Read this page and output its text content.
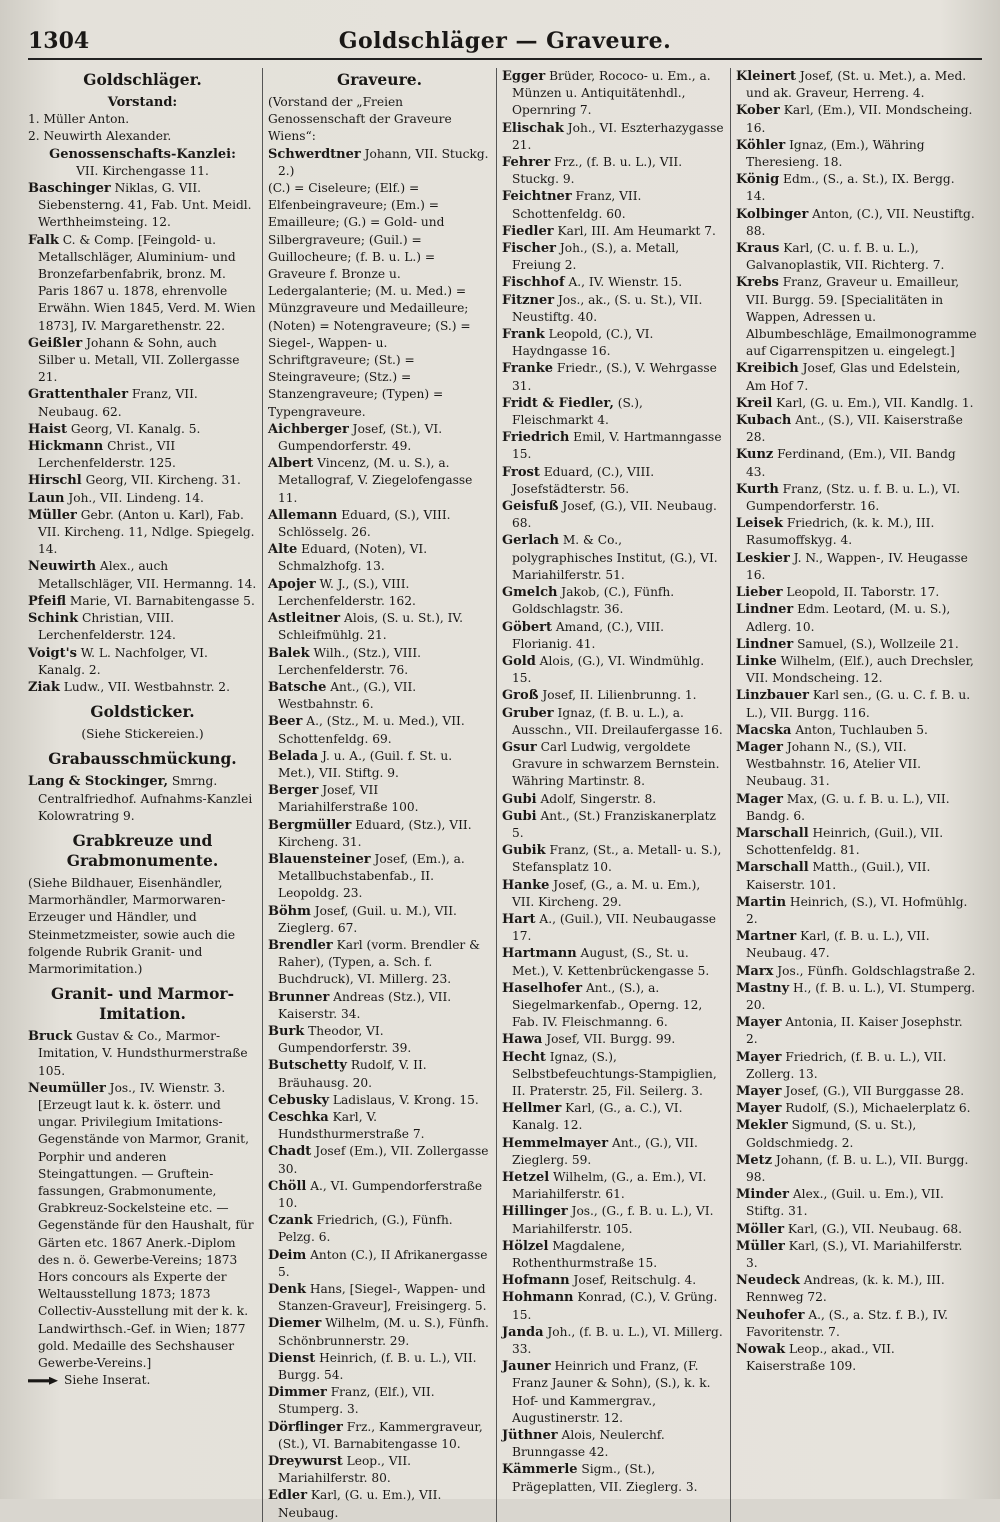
1304	Goldschläger — Graveure.
Goldschläger.

Vorstand:

1. Müller Anton.

2. Neuwirth Alexander.

Genossenschafts-Kanzlei:

VII. Kirchengasse 11.

Baschinger Niklas, G. VII. Siebensterng. 41, Fab. Unt. Meidl. Werthheimsteing. 12.

Falk C. & Comp. [Feingold- u. Metallschläger, Aluminium- und Bronzefarbenfabrik, bronz. M. Paris 1867 u. 1878, ehrenvolle Erwähn. Wien 1845, Verd. M. Wien 1873], IV. Margarethenstr. 22.

Geißler Johann & Sohn, auch Silber u. Metall, VII. Zollergasse 21.

Grattenthaler Franz, VII. Neubaug. 62.

Haist Georg, VI. Kanalg. 5.

Hickmann Christ., VII Lerchenfelderstr. 125.

Hirschl Georg, VII. Kircheng. 31.

Laun Joh., VII. Lindeng. 14.

Müller Gebr. (Anton u. Karl), Fab. VII. Kircheng. 11, Ndlge. Spiegelg. 14.

Neuwirth Alex., auch Metallschläger, VII. Hermanng. 14.

Pfeifl Marie, VI. Barnabitengasse 5.

Schink Christian, VIII. Lerchenfelderstr. 124.

Voigt's W. L. Nachfolger, VI. Kanalg. 2.

Ziak Ludw., VII. Westbahnstr. 2.

Goldsticker.

(Siehe Stickereien.)

Grabausschmückung.

Lang & Stockinger, Smrng. Centralfriedhof. Aufnahms-Kanzlei Kolowratring 9.

Grabkreuze und Grabmonumente.

(Siehe Bildhauer, Eisenhändler, Marmorhändler, Marmorwaren-Erzeuger und Händler, und Steinmetzmeister, sowie auch die folgende Rubrik Granit- und Marmorimitation.)

Granit- und Marmor-Imitation.

Bruck Gustav & Co., Marmor-Imitation, V. Hundsthurmerstraße 105.

Neumüller Jos., IV. Wienstr. 3. [Erzeugt laut k. k. österr. und ungar. Privilegium Imitations-Gegenstände von Marmor, Granit, Porphir und anderen Steingattungen. — Gruftein-fassungen, Grabmonumente, Grabkreuz-Sockelsteine etc. — Gegenstände für den Haushalt, für Gärten etc. 1867 Anerk.-Diplom des n. ö. Gewerbe-Vereins; 1873 Hors concours als Experte der Weltausstellung 1873; 1873 Collectiv-Ausstellung mit der k. k. Landwirthsch.-Gef. in Wien; 1877 gold. Medaille des Sechshauser Gewerbe-Vereins.]

Siehe Inserat.

Graveure.

(Vorstand der „Freien Genossenschaft der Graveure Wiens“:

Schwerdtner Johann, VII. Stuckg. 2.)

(C.) = Ciseleure; (Elf.) = Elfenbeingraveure; (Em.) = Emailleure; (G.) = Gold- und Silbergraveure; (Guil.) = Guillocheure; (f. B. u. L.) = Graveure f. Bronze u. Ledergalanterie; (M. u. Med.) = Münzgraveure und Medailleure; (Noten) = Notengraveure; (S.) = Siegel-, Wappen- u. Schriftgraveure; (St.) = Steingraveure; (Stz.) = Stanzengraveure; (Typen) = Typengraveure.

Aichberger Josef, (St.), VI. Gumpendorferstr. 49.

Albert Vincenz, (M. u. S.), a. Metallograf, V. Ziegelofengasse 11.

Allemann Eduard, (S.), VIII. Schlösselg. 26.

Alte Eduard, (Noten), VI. Schmalzhofg. 13.

Apojer W. J., (S.), VIII. Lerchenfelderstr. 162.

Astleitner Alois, (S. u. St.), IV. Schleifmühlg. 21.

Balek Wilh., (Stz.), VIII. Lerchenfelderstr. 76.

Batsche Ant., (G.), VII. Westbahnstr. 6.

Beer A., (Stz., M. u. Med.), VII. Schottenfeldg. 69.

Belada J. u. A., (Guil. f. St. u. Met.), VII. Stiftg. 9.

Berger Josef, VII Mariahilferstraße 100.

Bergmüller Eduard, (Stz.), VII. Kircheng. 31.

Blauensteiner Josef, (Em.), a. Metallbuchstabenfab., II. Leopoldg. 23.

Böhm Josef, (Guil. u. M.), VII. Zieglerg. 67.

Brendler Karl (vorm. Brendler & Raher), (Typen, a. Sch. f. Buchdruck), VI. Millerg. 23.

Brunner Andreas (Stz.), VII. Kaiserstr. 34.

Burk Theodor, VI. Gumpendorferstr. 39.

Butschetty Rudolf, V. II. Bräuhausg. 20.

Cebusky Ladislaus, V. Krong. 15.

Ceschka Karl, V. Hundsthurmerstraße 7.

Chadt Josef (Em.), VII. Zollergasse 30.

Chöll A., VI. Gumpendorferstraße 10.

Czank Friedrich, (G.), Fünfh. Pelzg. 6.

Deim Anton (C.), II Afrikanergasse 5.

Denk Hans, [Siegel-, Wappen- und Stanzen-Graveur], Freisingerg. 5.

Diemer Wilhelm, (M. u. S.), Fünfh. Schönbrunnerstr. 29.

Dienst Heinrich, (f. B. u. L.), VII. Burgg. 54.

Dimmer Franz, (Elf.), VII. Stumperg. 3.

Dörflinger Frz., Kammergraveur, (St.), VI. Barnabitengasse 10.

Dreywurst Leop., VII. Mariahilferstr. 80.

Edler Karl, (G. u. Em.), VII. Neubaug.

Egger Brüder, Rococo- u. Em., a. Münzen u. Antiquitätenhdl., Opernring 7.

Elischak Joh., VI. Eszterhazygasse 21.

Fehrer Frz., (f. B. u. L.), VII. Stuckg. 9.

Feichtner Franz, VII. Schottenfeldg. 60.

Fiedler Karl, III. Am Heumarkt 7.

Fischer Joh., (S.), a. Metall, Freiung 2.

Fischhof A., IV. Wienstr. 15.

Fitzner Jos., ak., (S. u. St.), VII. Neustiftg. 40.

Frank Leopold, (C.), VI. Haydngasse 16.

Franke Friedr., (S.), V. Wehrgasse 31.

Fridt & Fiedler, (S.), Fleischmarkt 4.

Friedrich Emil, V. Hartmanngasse 15.

Frost Eduard, (C.), VIII. Josefstädterstr. 56.

Geisfuß Josef, (G.), VII. Neubaug. 68.

Gerlach M. & Co., polygraphisches Institut, (G.), VI. Mariahilferstr. 51.

Gmelch Jakob, (C.), Fünfh. Goldschlagstr. 36.

Göbert Amand, (C.), VIII. Florianig. 41.

Gold Alois, (G.), VI. Windmühlg. 15.

Groß Josef, II. Lilienbrunng. 1.

Gruber Ignaz, (f. B. u. L.), a. Ausschn., VII. Dreilaufergasse 16.

Gsur Carl Ludwig, vergoldete Gravure in schwarzem Bernstein. Währing Martinstr. 8.

Gubi Adolf, Singerstr. 8.

Gubi Ant., (St.) Franziskanerplatz 5.

Gubik Franz, (St., a. Metall- u. S.), Stefansplatz 10.

Hanke Josef, (G., a. M. u. Em.), VII. Kircheng. 29.

Hart A., (Guil.), VII. Neubaugasse 17.

Hartmann August, (S., St. u. Met.), V. Kettenbrückengasse 5.

Haselhofer Ant., (S.), a. Siegelmarkenfab., Operng. 12, Fab. IV. Fleischmanng. 6.

Hawa Josef, VII. Burgg. 99.

Hecht Ignaz, (S.), Selbstbefeuchtungs-Stampiglien, II. Praterstr. 25, Fil. Seilerg. 3.

Hellmer Karl, (G., a. C.), VI. Kanalg. 12.

Hemmelmayer Ant., (G.), VII. Zieglerg. 59.

Hetzel Wilhelm, (G., a. Em.), VI. Mariahilferstr. 61.

Hillinger Jos., (G., f. B. u. L.), VI. Mariahilferstr. 105.

Hölzel Magdalene, Rothenthurmstraße 15.

Hofmann Josef, Reitschulg. 4.

Hohmann Konrad, (C.), V. Grüng. 15.

Janda Joh., (f. B. u. L.), VI. Millerg. 33.

Jauner Heinrich und Franz, (F. Franz Jauner & Sohn), (S.), k. k. Hof- und Kammergrav., Augustinerstr. 12.

Jüthner Alois, Neulerchf. Brunngasse 42.

Kämmerle Sigm., (St.), Prägeplatten, VII. Zieglerg. 3.

Kleinert Josef, (St. u. Met.), a. Med. und ak. Graveur, Herreng. 4.

Kober Karl, (Em.), VII. Mondscheing. 16.

Köhler Ignaz, (Em.), Währing Theresieng. 18.

König Edm., (S., a. St.), IX. Bergg. 14.

Kolbinger Anton, (C.), VII. Neustiftg. 88.

Kraus Karl, (C. u. f. B. u. L.), Galvanoplastik, VII. Richterg. 7.

Krebs Franz, Graveur u. Emailleur, VII. Burgg. 59. [Specialitäten in Wappen, Adressen u. Albumbeschläge, Emailmonogramme auf Cigarrenspitzen u. eingelegt.]

Kreibich Josef, Glas und Edelstein, Am Hof 7.

Kreil Karl, (G. u. Em.), VII. Kandlg. 1.

Kubach Ant., (S.), VII. Kaiserstraße 28.

Kunz Ferdinand, (Em.), VII. Bandg 43.

Kurth Franz, (Stz. u. f. B. u. L.), VI. Gumpendorferstr. 16.

Leisek Friedrich, (k. k. M.), III. Rasumoffskyg. 4.

Leskier J. N., Wappen-, IV. Heugasse 16.

Lieber Leopold, II. Taborstr. 17.

Lindner Edm. Leotard, (M. u. S.), Adlerg. 10.

Lindner Samuel, (S.), Wollzeile 21.

Linke Wilhelm, (Elf.), auch Drechsler, VII. Mondscheing. 12.

Linzbauer Karl sen., (G. u. C. f. B. u. L.), VII. Burgg. 116.

Macska Anton, Tuchlauben 5.

Mager Johann N., (S.), VII. Westbahnstr. 16, Atelier VII. Neubaug. 31.

Mager Max, (G. u. f. B. u. L.), VII. Bandg. 6.

Marschall Heinrich, (Guil.), VII. Schottenfeldg. 81.

Marschall Matth., (Guil.), VII. Kaiserstr. 101.

Martin Heinrich, (S.), VI. Hofmühlg. 2.

Martner Karl, (f. B. u. L.), VII. Neubaug. 47.

Marx Jos., Fünfh. Goldschlagstraße 2.

Mastny H., (f. B. u. L.), VI. Stumperg. 20.

Mayer Antonia, II. Kaiser Josephstr. 2.

Mayer Friedrich, (f. B. u. L.), VII. Zollerg. 13.

Mayer Josef, (G.), VII Burggasse 28.

Mayer Rudolf, (S.), Michaelerplatz 6.

Mekler Sigmund, (S. u. St.), Goldschmiedg. 2.

Metz Johann, (f. B. u. L.), VII. Burgg. 98.

Minder Alex., (Guil. u. Em.), VII. Stiftg. 31.

Möller Karl, (G.), VII. Neubaug. 68.

Müller Karl, (S.), VI. Mariahilferstr. 3.

Neudeck Andreas, (k. k. M.), III. Rennweg 72.

Neuhofer A., (S., a. Stz. f. B.), IV. Favoritenstr. 7.

Nowak Leop., akad., VII. Kaiserstraße 109.
